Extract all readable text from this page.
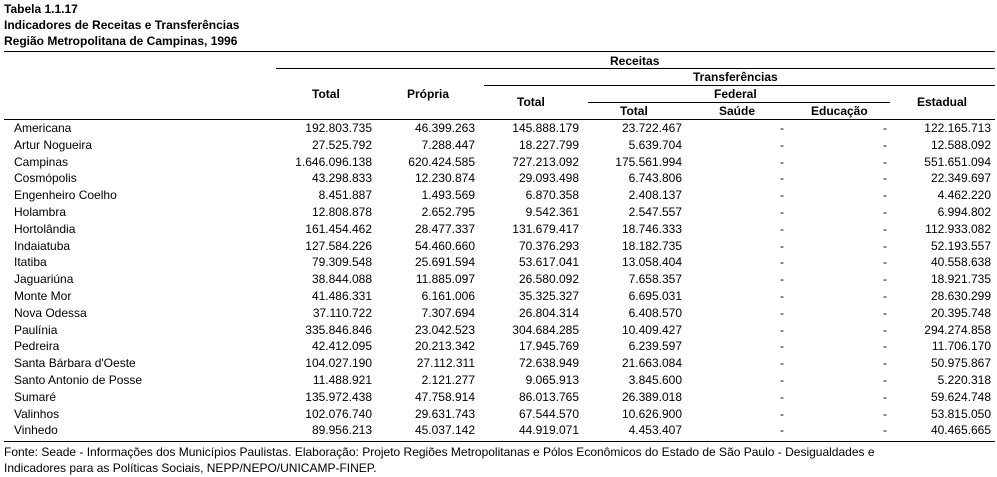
Tabela 1.1.17
Indicadores de Receitas e Transferências
Região Metropolitana de Campinas, 1996
Receitas
Transferências
Federal
Total	Própria
Total
Total	Saúde	Educação
Estadual
Americana	192.803.735	46.399.263	145.888.179	23.722.467	-	-	122.165.713
Artur Nogueira	27.525.792	7.288.447	18.227.799	5.639.704	-	-	12.588.092
Campinas	1.646.096.138	620.424.585	727.213.092	175.561.994	-	-	551.651.094
Cosmópolis	43.298.833	12.230.874	29.093.498	6.743.806	-	-	22.349.697
Engenheiro Coelho	8.451.887	1.493.569	6.870.358	2.408.137	-	-	4.462.220
Holambra	12.808.878	2.652.795	9.542.361	2.547.557	-	-	6.994.802
Hortolândia	161.454.462	28.477.337	131.679.417	18.746.333	-	-	112.933.082
Indaiatuba	127.584.226	54.460.660	70.376.293	18.182.735	-	-	52.193.557
Itatiba	79.309.548	25.691.594	53.617.041	13.058.404	-	-	40.558.638
Jaguariúna	38.844.088	11.885.097	26.580.092	7.658.357	-	-	18.921.735
Monte Mor	41.486.331	6.161.006	35.325.327	6.695.031	-	-	28.630.299
Nova Odessa	37.110.722	7.307.694	26.804.314	6.408.570	-	-	20.395.748
Paulínia	335.846.846	23.042.523	304.684.285	10.409.427	-	-	294.274.858
Pedreira	42.412.095	20.213.342	17.945.769	6.239.597	-	-	11.706.170
Santa Bárbara d'Oeste	104.027.190	27.112.311	72.638.949	21.663.084	-	-	50.975.867
Santo Antonio de Posse	11.488.921	2.121.277	9.065.913	3.845.600	-	-	5.220.318
Sumaré	135.972.438	47.758.914	86.013.765	26.389.018	-	-	59.624.748
Valinhos	102.076.740	29.631.743	67.544.570	10.626.900	-	-	53.815.050
Vinhedo	89.956.213	45.037.142	44.919.071	4.453.407	-	-	40.465.665
Fonte: Seade - Informações dos Municípios Paulistas. Elaboração: Projeto Regiões Metropolitanas e Pólos Econômicos do Estado de São Paulo - Desigualdades e
Indicadores para as Políticas Sociais, NEPP/NEPO/UNICAMP-FINEP.
